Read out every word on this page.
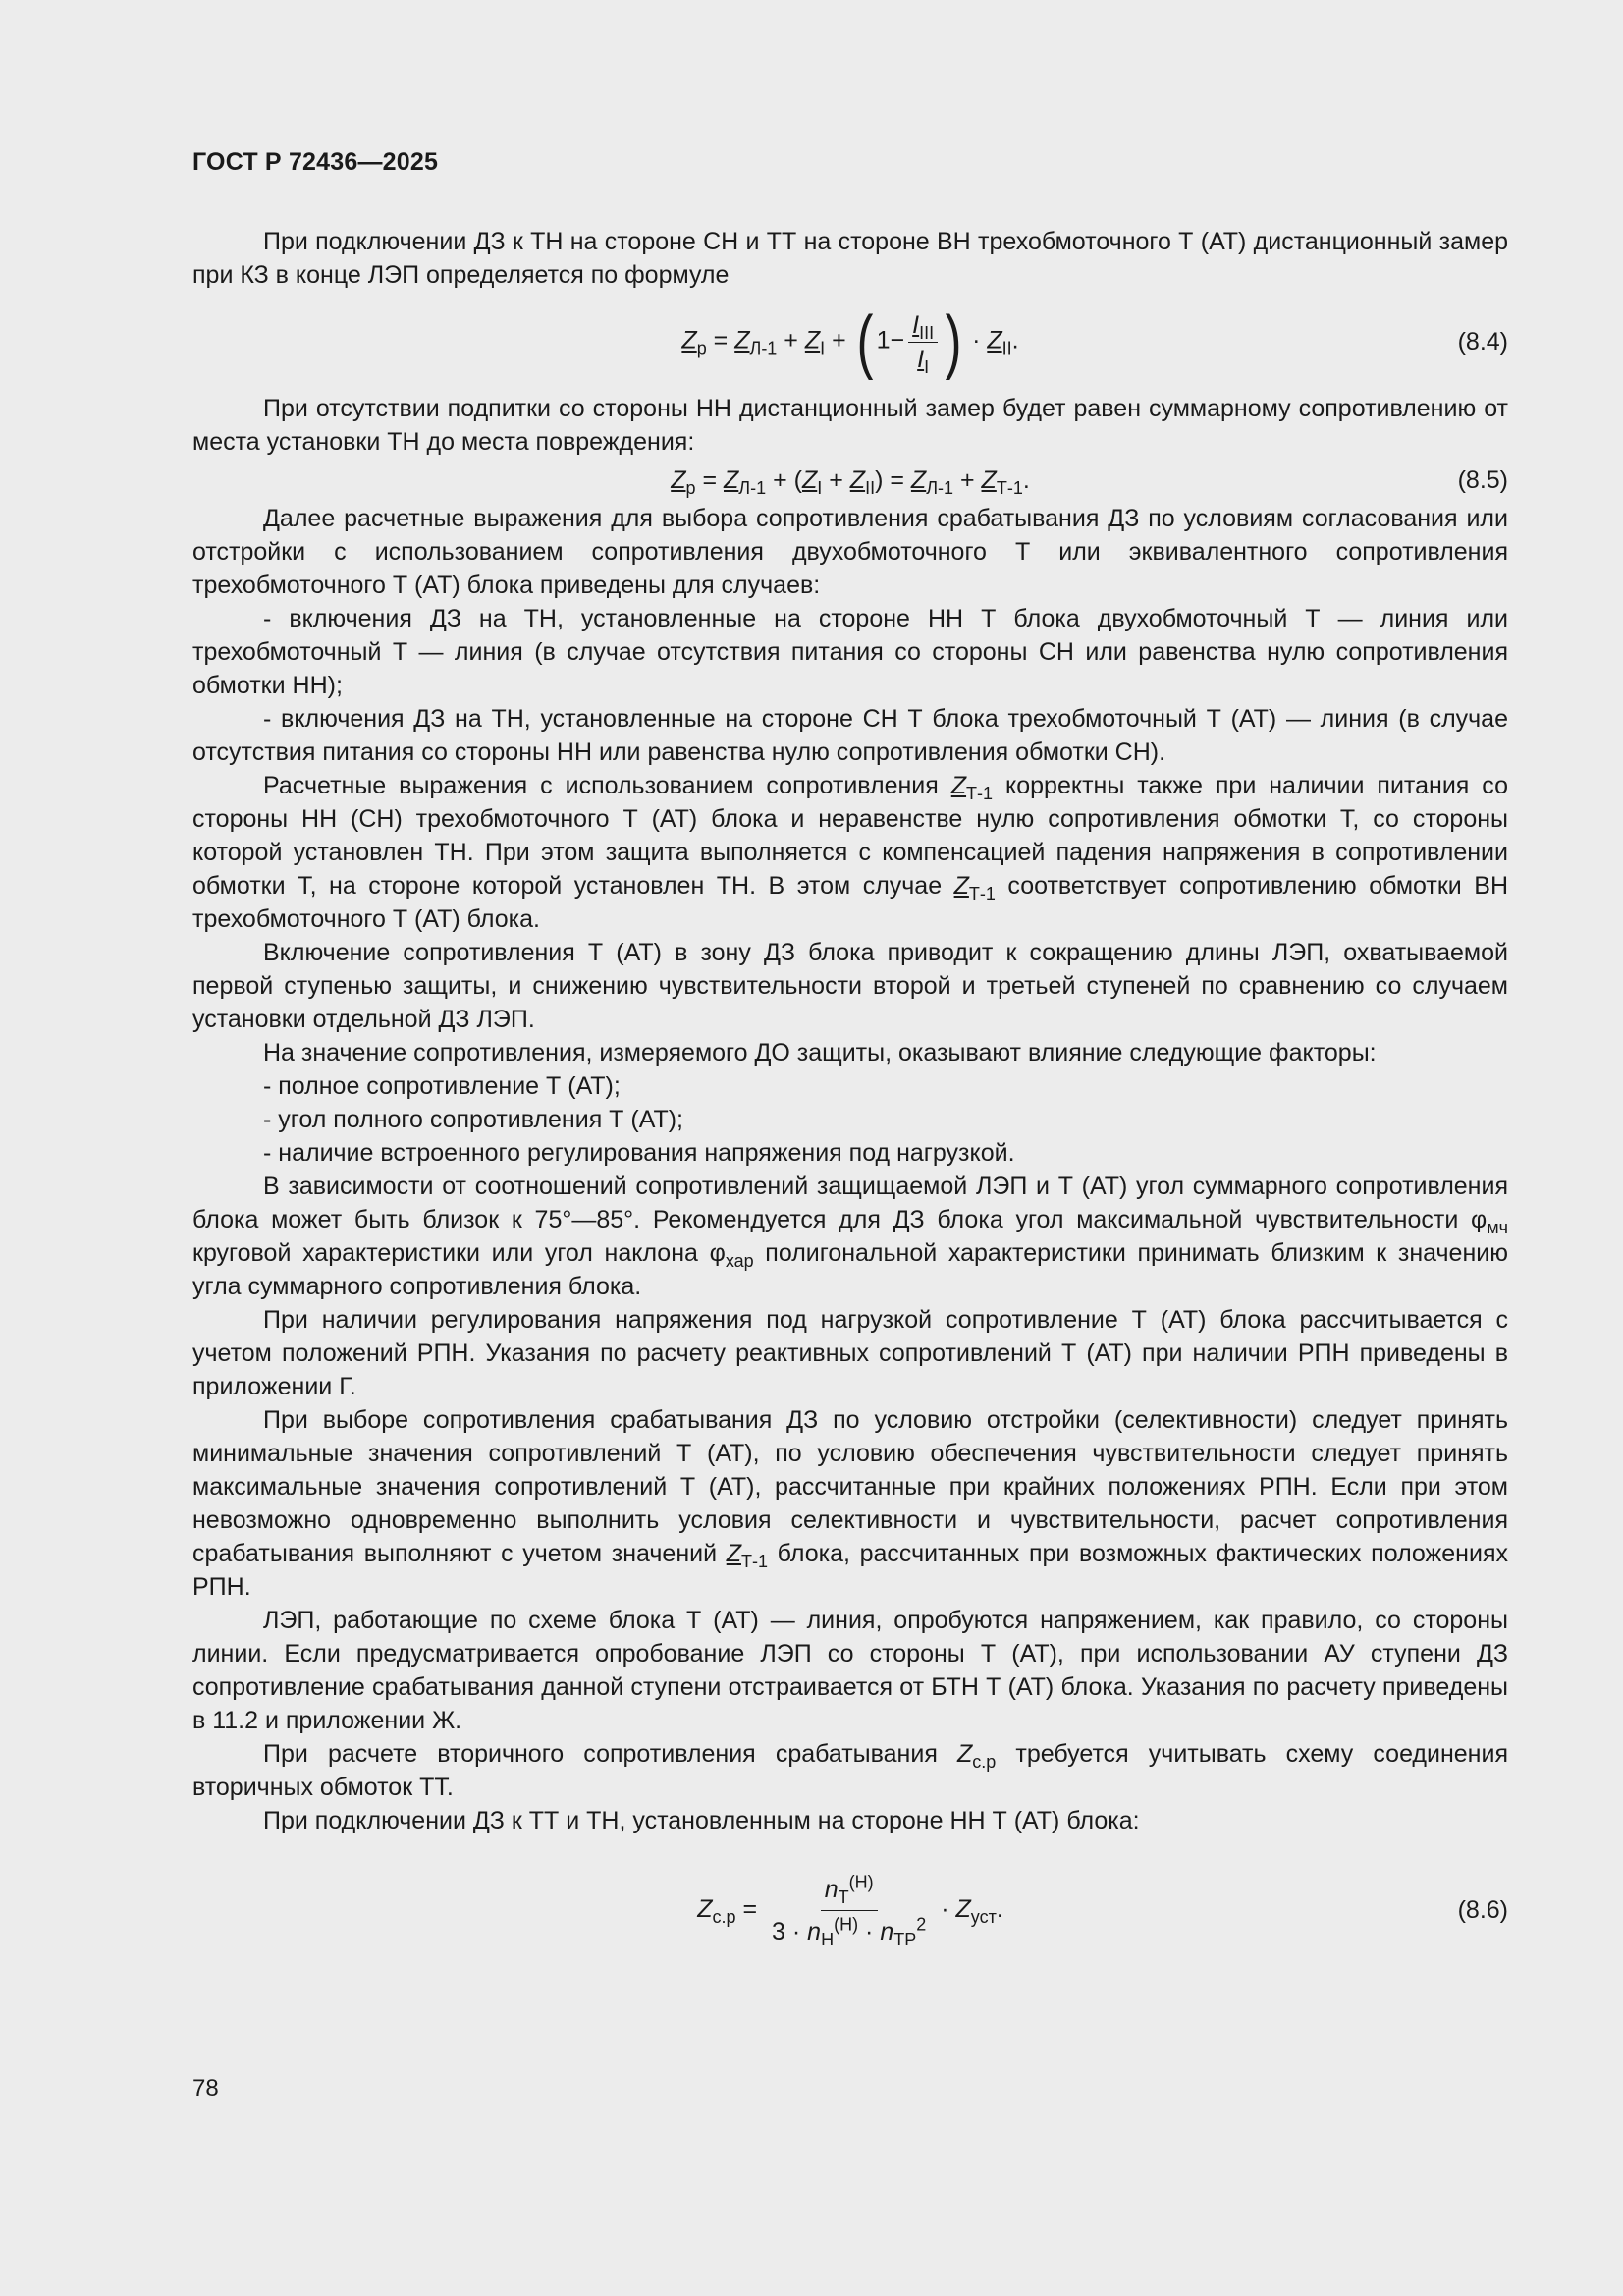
ГОСТ Р 72436—2025

При подключении ДЗ к ТН на стороне СН и ТТ на стороне ВН трехобмоточного Т (АТ) дистанционный замер при КЗ в конце ЛЭП определяется по формуле

$Z_р = Z_{Л-1} + Z_I$ + ( $1- \frac{I_{III}}{I_I}$ ) · $Z_{II}$.	(8.4)

При отсутствии подпитки со стороны НН дистанционный замер будет равен суммарному сопротивлению от места установки ТН до места повреждения:

$Z_р = Z_{Л-1} + (Z_I + Z_{II}) = Z_{Л-1} + Z_{Т-1}$.	(8.5)

Далее расчетные выражения для выбора сопротивления срабатывания ДЗ по условиям согласования или отстройки с использованием сопротивления двухобмоточного Т или эквивалентного сопротивления трехобмоточного Т (АТ) блока приведены для случаев:

- включения ДЗ на ТН, установленные на стороне НН Т блока двухобмоточный Т — линия или трехобмоточный Т — линия (в случае отсутствия питания со стороны СН или равенства нулю сопротивления обмотки НН);

- включения ДЗ на ТН, установленные на стороне СН Т блока трехобмоточный Т (АТ) — линия (в случае отсутствия питания со стороны НН или равенства нулю сопротивления обмотки СН).

Расчетные выражения с использованием сопротивления $Z_{Т-1}$ корректны также при наличии питания со стороны НН (СН) трехобмоточного Т (АТ) блока и неравенстве нулю сопротивления обмотки Т, со стороны которой установлен ТН. При этом защита выполняется с компенсацией падения напряжения в сопротивлении обмотки Т, на стороне которой установлен ТН. В этом случае $Z_{Т-1}$ соответствует сопротивлению обмотки ВН трехобмоточного Т (АТ) блока.

Включение сопротивления Т (АТ) в зону ДЗ блока приводит к сокращению длины ЛЭП, охватываемой первой ступенью защиты, и снижению чувствительности второй и третьей ступеней по сравнению со случаем установки отдельной ДЗ ЛЭП.

На значение сопротивления, измеряемого ДО защиты, оказывают влияние следующие факторы:

- полное сопротивление Т (АТ);

- угол полного сопротивления Т (АТ);

- наличие встроенного регулирования напряжения под нагрузкой.

В зависимости от соотношений сопротивлений защищаемой ЛЭП и Т (АТ) угол суммарного сопротивления блока может быть близок к 75°—85°. Рекомендуется для ДЗ блока угол максимальной чувствительности $\varphi_{мч}$ круговой характеристики или угол наклона $\varphi_{хар}$ полигональной характеристики принимать близким к значению угла суммарного сопротивления блока.

При наличии регулирования напряжения под нагрузкой сопротивление Т (АТ) блока рассчитывается с учетом положений РПН. Указания по расчету реактивных сопротивлений Т (АТ) при наличии РПН приведены в приложении Г.

При выборе сопротивления срабатывания ДЗ по условию отстройки (селективности) следует принять минимальные значения сопротивлений Т (АТ), по условию обеспечения чувствительности следует принять максимальные значения сопротивлений Т (АТ), рассчитанные при крайних положениях РПН. Если при этом невозможно одновременно выполнить условия селективности и чувствительности, расчет сопротивления срабатывания выполняют с учетом значений $Z_{Т-1}$ блока, рассчитанных при возможных фактических положениях РПН.

ЛЭП, работающие по схеме блока Т (АТ) — линия, опробуются напряжением, как правило, со стороны линии. Если предусматривается опробование ЛЭП со стороны Т (АТ), при использовании АУ ступени ДЗ сопротивление срабатывания данной ступени отстраивается от БТН Т (АТ) блока. Указания по расчету приведены в 11.2 и приложении Ж.

При расчете вторичного сопротивления срабатывания $Z_{с.р}$ требуется учитывать схему соединения вторичных обмоток ТТ.

При подключении ДЗ к ТТ и ТН, установленным на стороне НН Т (АТ) блока:

$Z_{с.р} = \frac{n_Т^{(Н)}}{3 \cdot n_Н^{(Н)} \cdot n_{ТР}^2} \cdot Z_{уст}$.	(8.6)
78
